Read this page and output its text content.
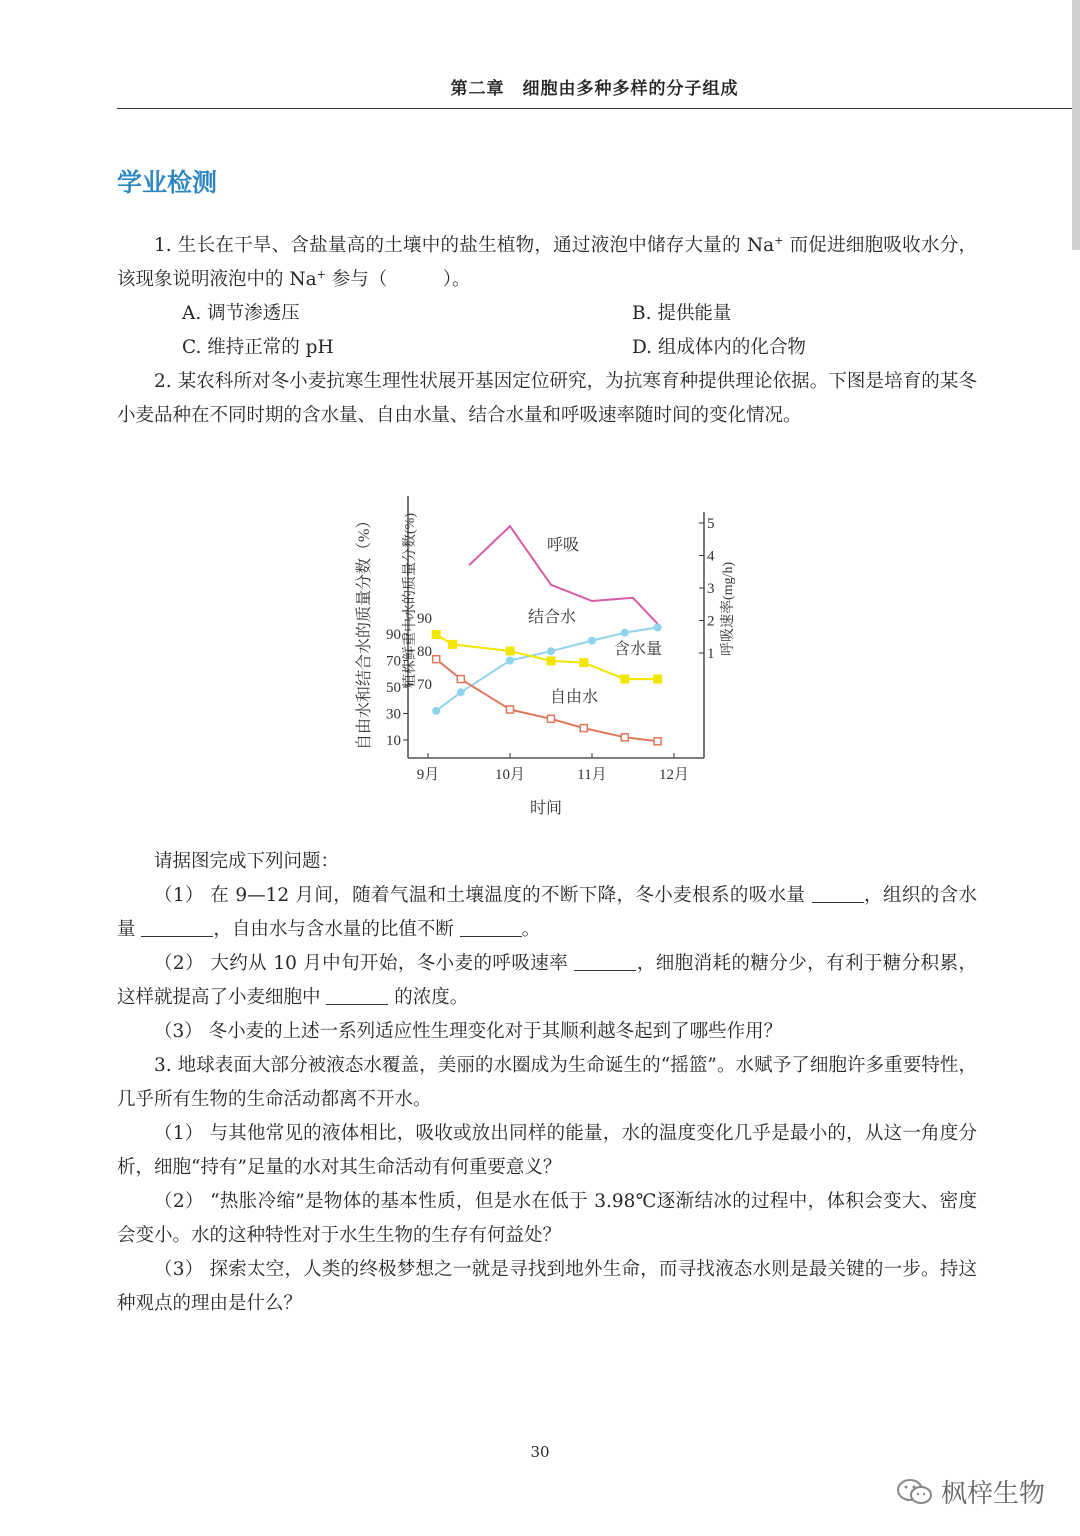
第二章　细胞由多种多样的分子组成
学业检测

1. 生长在干旱、含盐量高的土壤中的盐生植物，通过液泡中储存大量的 Na+ 而促进细胞吸收水分，该现象说明液泡中的 Na+ 参与（　　　）。

A. 调节渗透压	B. 提供能量
C. 维持正常的 pH	D. 组成体内的化合物

2. 某农科所对冬小麦抗寒生理性状展开基因定位研究，为抗寒育种提供理论依据。下图是培育的某冬小麦品种在不同时期的含水量、自由水量、结合水量和呼吸速率随时间的变化情况。

9月	10月	11月	12月
10
30
50
70
90
70
80
90
1
2
3
4
5
自由水和结合水的质量分数（%） 植株鲜重中水的质量分数(%)	呼吸速率(mg/h)
时间
呼吸
结合水
含水量
自由水

请据图完成下列问题：

（1） 在 9—12 月间，随着气温和土壤温度的不断下降，冬小麦根系的吸水量	，组织的含水量	，自由水与含水量的比值不断	。

（2） 大约从 10 月中旬开始，冬小麦的呼吸速率	，细胞消耗的糖分少，有利于糖分积累，这样就提高了小麦细胞中	的浓度。

（3） 冬小麦的上述一系列适应性生理变化对于其顺利越冬起到了哪些作用？

3. 地球表面大部分被液态水覆盖，美丽的水圈成为生命诞生的“摇篮”。水赋予了细胞许多重要特性，几乎所有生物的生命活动都离不开水。

（1） 与其他常见的液体相比，吸收或放出同样的能量，水的温度变化几乎是最小的，从这一角度分析，细胞“持有”足量的水对其生命活动有何重要意义？

（2） “热胀冷缩”是物体的基本性质，但是水在低于 3.98℃逐渐结冰的过程中，体积会变大、密度会变小。水的这种特性对于水生生物的生存有何益处？

（3） 探索太空，人类的终极梦想之一就是寻找到地外生命，而寻找液态水则是最关键的一步。持这种观点的理由是什么？

30
枫梓生物
